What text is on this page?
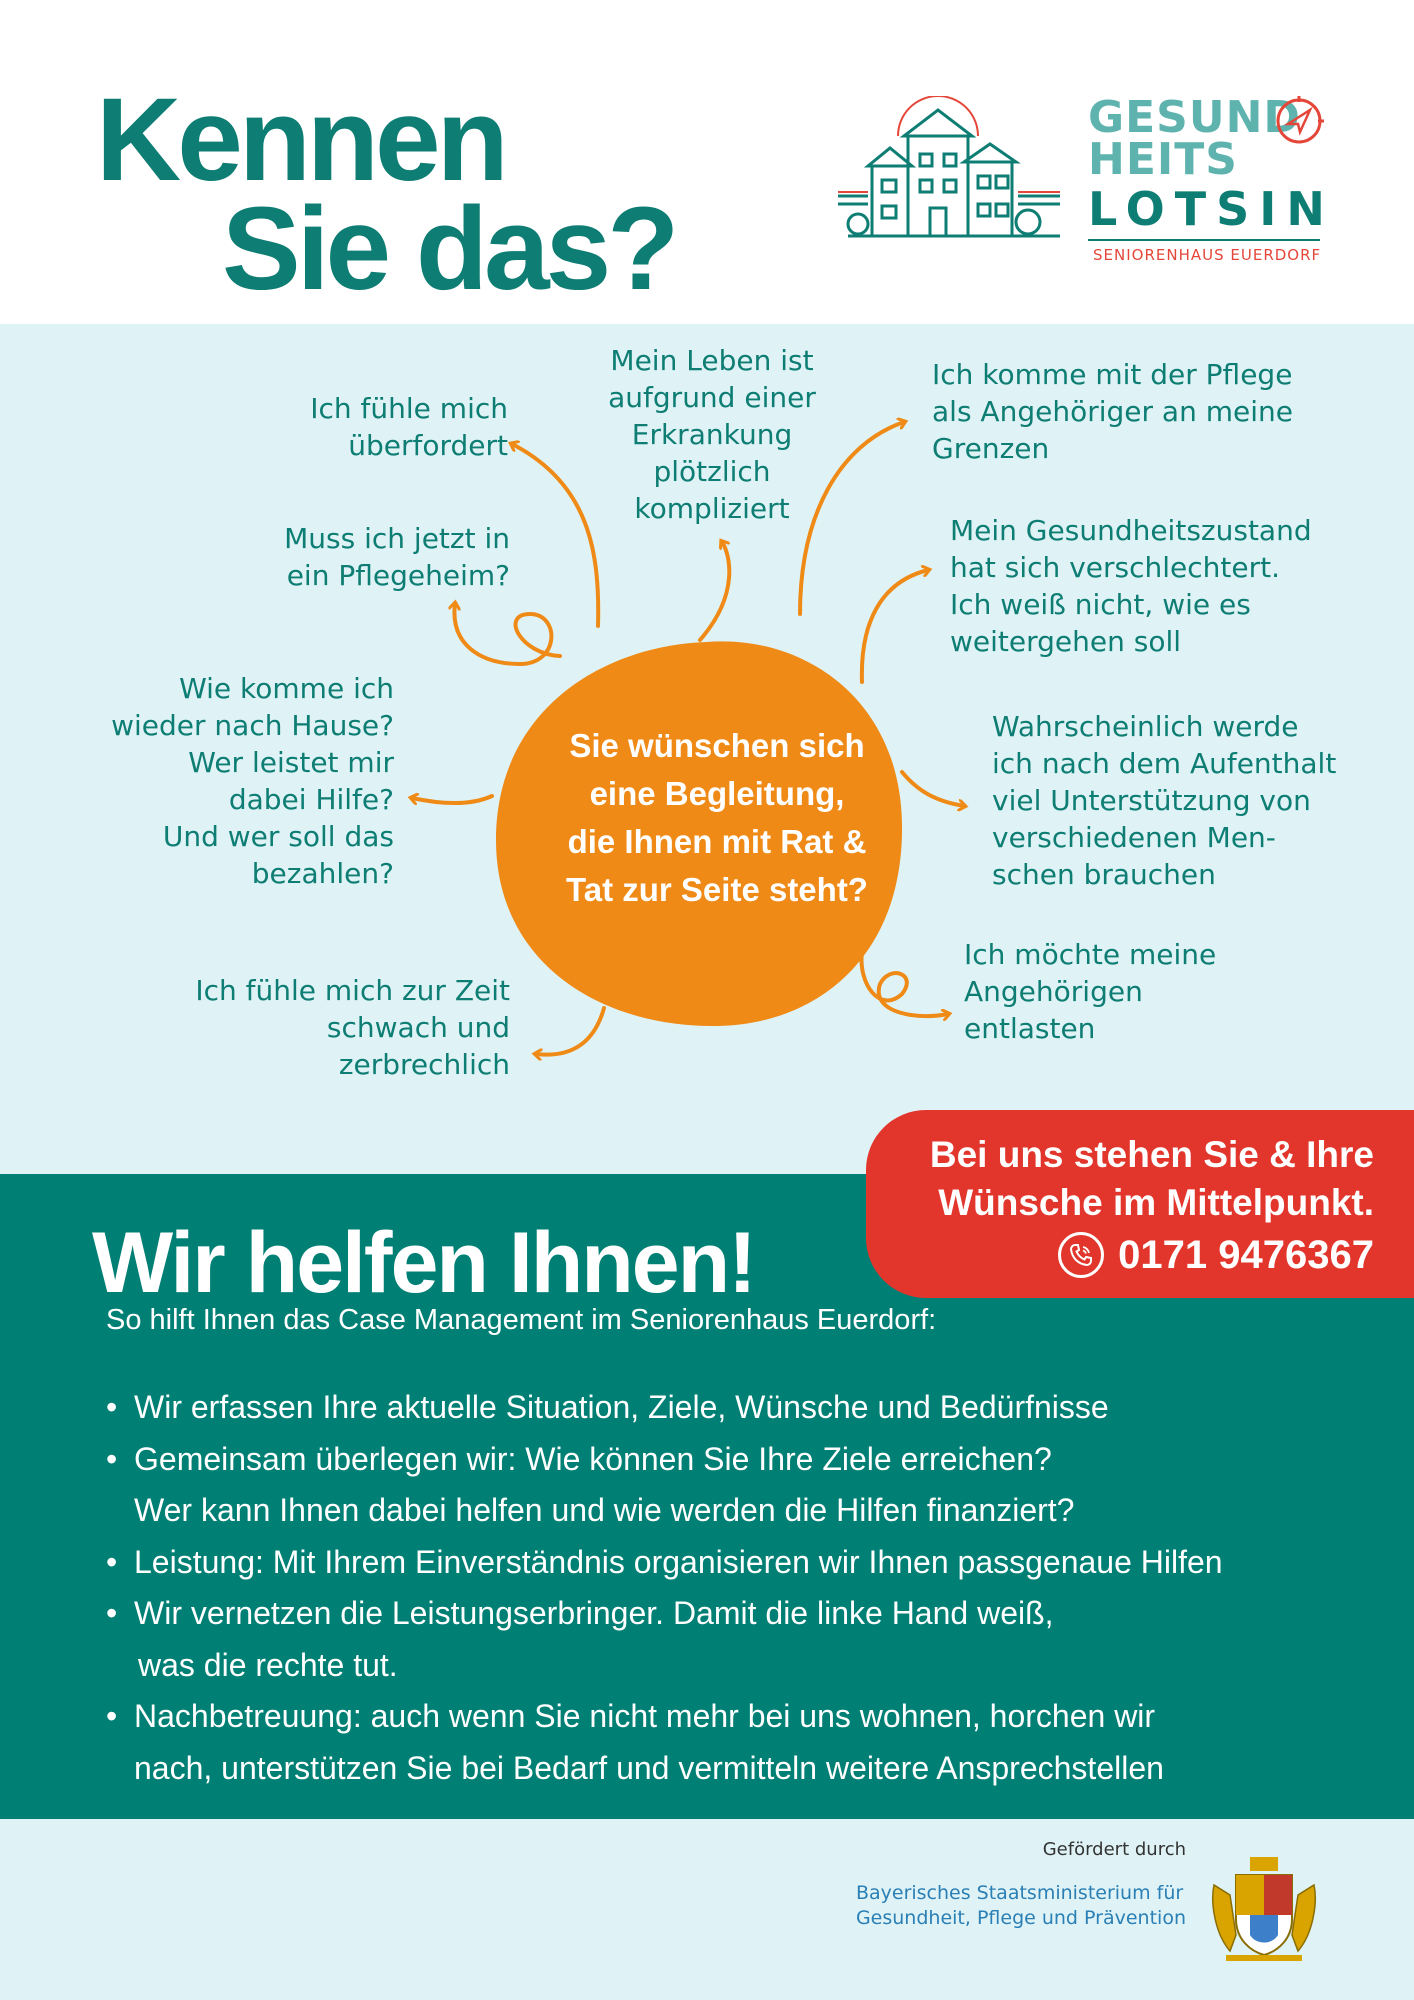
Kennen
Sie das?
GESUND
HEITS
LOTSIN
SENIORENHAUS EUERDORF

Sie wünschen sich
eine Begleitung,
die Ihnen mit Rat &
Tat zur Seite steht?

Ich fühle mich
überfordert

Mein Leben ist
aufgrund einer
Erkrankung
plötzlich
kompliziert

Ich komme mit der Pflege
als Angehöriger an meine
Grenzen

Muss ich jetzt in
ein Pflegeheim?

Mein Gesundheitszustand
hat sich verschlechtert.
Ich weiß nicht, wie es
weitergehen soll

Wie komme ich
wieder nach Hause?
Wer leistet mir
dabei Hilfe?
Und wer soll das
bezahlen?

Wahrscheinlich werde
ich nach dem Aufenthalt
viel Unterstützung von
verschiedenen Men-
schen brauchen

Ich fühle mich zur Zeit
schwach und
zerbrechlich

Ich möchte meine
Angehörigen
entlasten

Wir helfen Ihnen!

So hilft Ihnen das Case Management im Seniorenhaus Euerdorf:

• Wir erfassen Ihre aktuelle Situation, Ziele, Wünsche und Bedürfnisse
• Gemeinsam überlegen wir: Wie können Sie Ihre Ziele erreichen?
Wer kann Ihnen dabei helfen und wie werden die Hilfen finanziert?
• Leistung: Mit Ihrem Einverständnis organisieren wir Ihnen passgenaue Hilfen
• Wir vernetzen die Leistungserbringer. Damit die linke Hand weiß,
was die rechte tut.
• Nachbetreuung: auch wenn Sie nicht mehr bei uns wohnen, horchen wir
nach, unterstützen Sie bei Bedarf und vermitteln weitere Ansprechstellen
Bei uns stehen Sie & Ihre
Wünsche im Mittelpunkt.
0171 9476367

Gefördert durch

Bayerisches Staatsministerium für
Gesundheit, Pflege und Prävention
